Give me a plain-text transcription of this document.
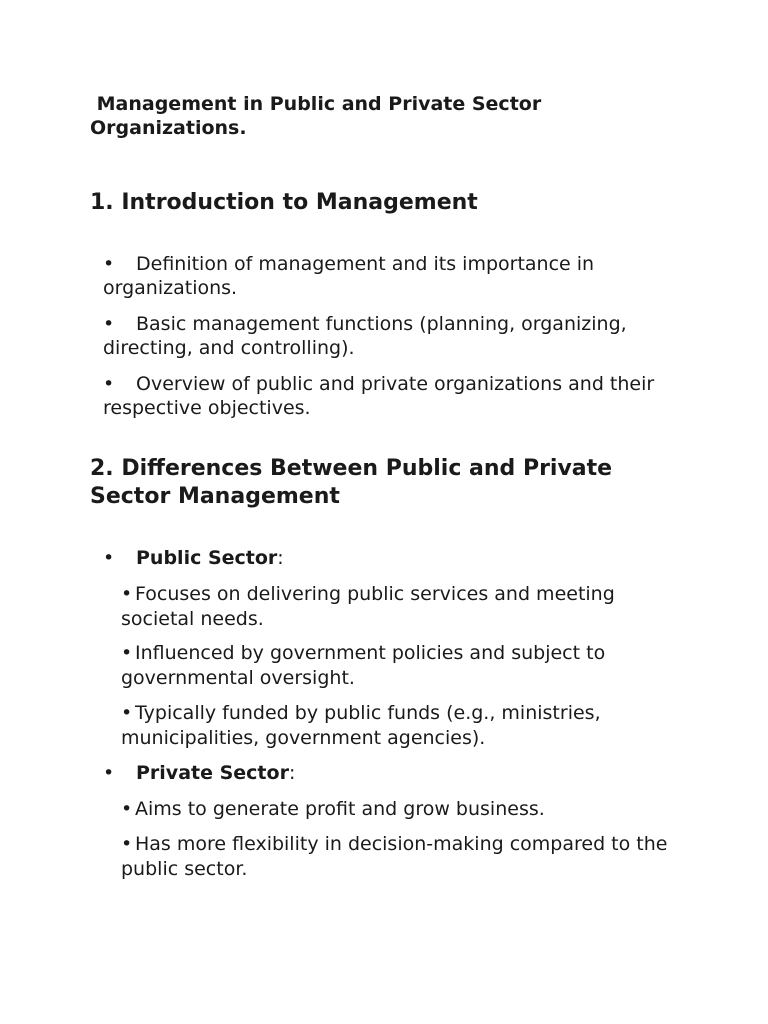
Management in Public and Private Sector Organizations.
1. Introduction to Management

• Definition of management and its importance in organizations.

• Basic management functions (planning, organizing, directing, and controlling).

• Overview of public and private organizations and their respective objectives.

2. Differences Between Public and Private Sector Management

• Public Sector:

• Focuses on delivering public services and meeting societal needs.

• Influenced by government policies and subject to governmental oversight.

• Typically funded by public funds (e.g., ministries, municipalities, government agencies).

• Private Sector:

• Aims to generate profit and grow business.

• Has more flexibility in decision-making compared to the public sector.
